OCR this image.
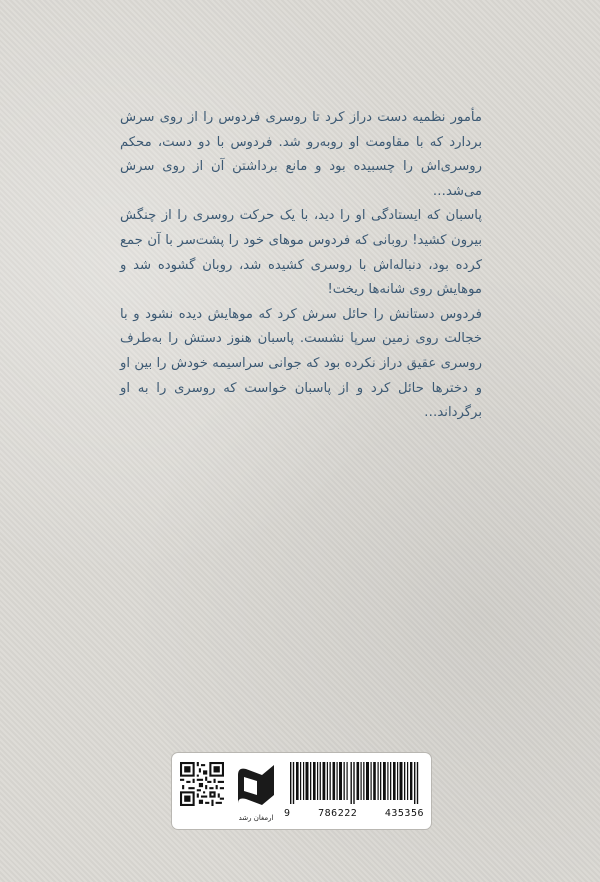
مأمور نظمیه دست دراز کرد تا روسری فردوس را از روی سرش بردارد که با مقاومت او روبه‌رو شد. فردوس با دو دست، محکم روسری‌اش را چسبیده بود و مانع برداشتن آن از روی سرش می‌شد…

پاسبان که ایستادگی او را دید، با یک حرکت روسری را از چنگش بیرون کشید! روبانی که فردوس موهای خود را پشت‌سر با آن جمع کرده بود، دنباله‌اش با روسری کشیده شد، روبان گشوده شد و موهایش روی شانه‌ها ریخت!

فردوس دستانش را حائل سرش کرد که موهایش دیده نشود و با خجالت روی زمین سرپا نشست. پاسبان هنوز دستش را به‌طرف روسری عقیق دراز نکرده بود که جوانی سراسیمه خودش را بین او و دخترها حائل کرد و از پاسبان خواست که روسری را به او برگرداند…

ارمغان رشد	9	786222	435356
